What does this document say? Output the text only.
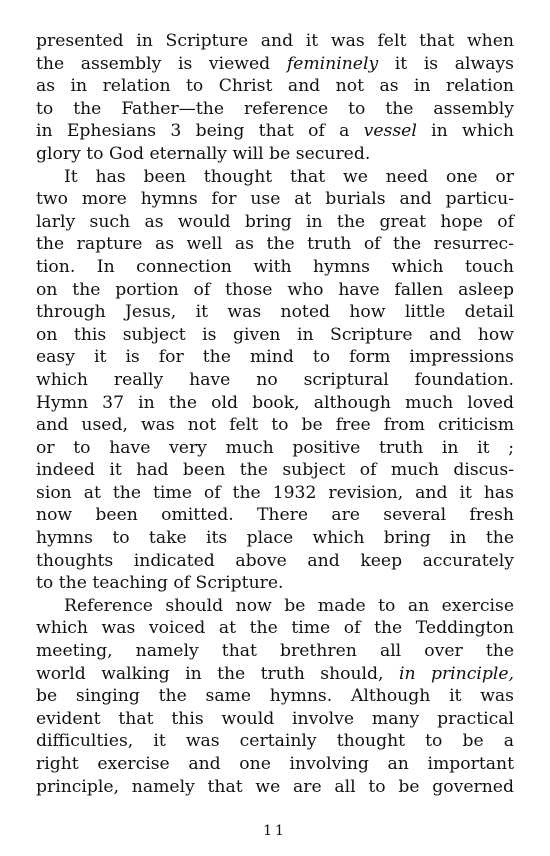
presented in Scripture and it was felt that when
the assembly is viewed femininely it is always
as in relation to Christ and not as in relation
to the Father—the reference to the assembly
in Ephesians 3 being that of a vessel in which
glory to God eternally will be secured.
It has been thought that we need one or
two more hymns for use at burials and particu-
larly such as would bring in the great hope of
the rapture as well as the truth of the resurrec-
tion. In connection with hymns which touch
on the portion of those who have fallen asleep
through Jesus, it was noted how little detail
on this subject is given in Scripture and how
easy it is for the mind to form impressions
which really have no scriptural foundation.
Hymn 37 in the old book, although much loved
and used, was not felt to be free from criticism
or to have very much positive truth in it ;
indeed it had been the subject of much discus-
sion at the time of the 1932 revision, and it has
now been omitted. There are several fresh
hymns to take its place which bring in the
thoughts indicated above and keep accurately
to the teaching of Scripture.
Reference should now be made to an exercise
which was voiced at the time of the Teddington
meeting, namely that brethren all over the
world walking in the truth should, in principle,
be singing the same hymns. Although it was
evident that this would involve many practical
difficulties, it was certainly thought to be a
right exercise and one involving an important
principle, namely that we are all to be governed
11
